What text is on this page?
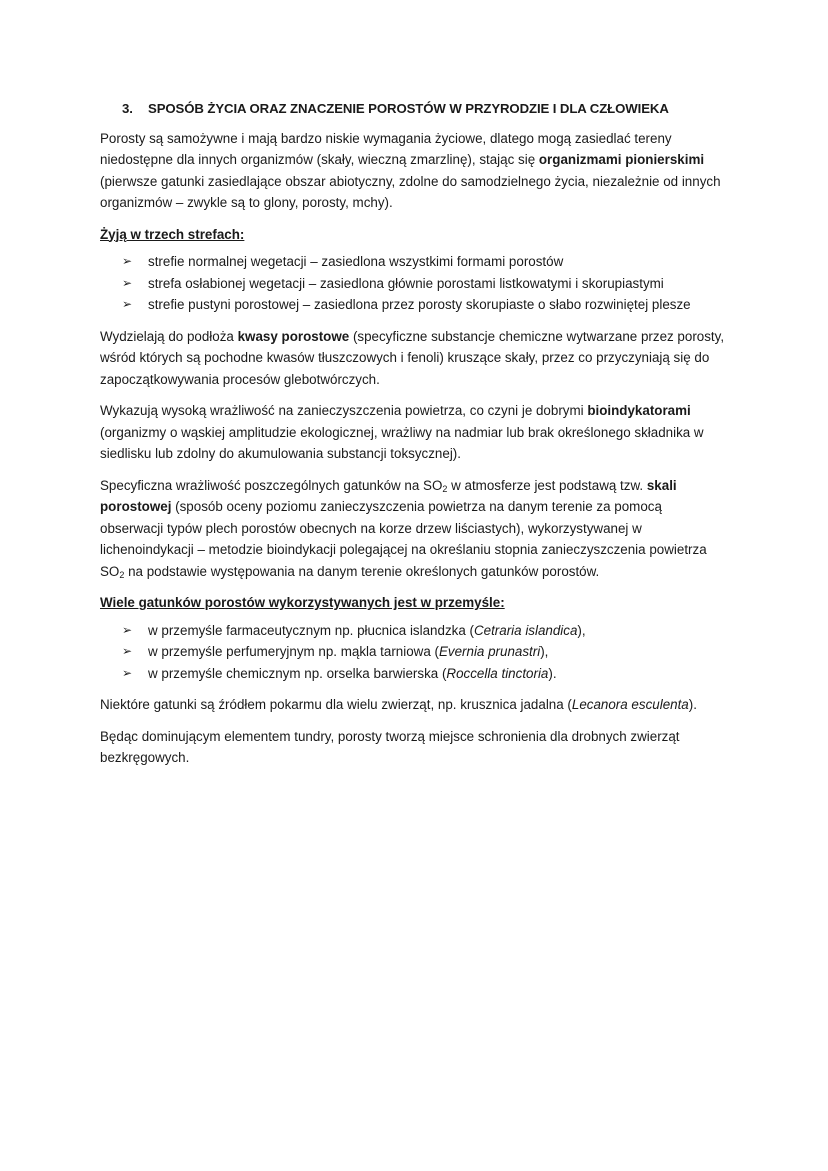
3. SPOSÓB ŻYCIA ORAZ ZNACZENIE POROSTÓW W PRZYRODZIE I DLA CZŁOWIEKA

Porosty są samożywne i mają bardzo niskie wymagania życiowe, dlatego mogą zasiedlać tereny niedostępne dla innych organizmów (skały, wieczną zmarzlinę), stając się organizmami pionierskimi (pierwsze gatunki zasiedlające obszar abiotyczny, zdolne do samodzielnego życia, niezależnie od innych organizmów – zwykle są to glony, porosty, mchy).

Żyją w trzech strefach:
➢ strefie normalnej wegetacji – zasiedlona wszystkimi formami porostów
➢ strefa osłabionej wegetacji – zasiedlona głównie porostami listkowatymi i skorupiastymi
➢ strefie pustyni porostowej – zasiedlona przez porosty skorupiaste o słabo rozwiniętej plesze

Wydzielają do podłoża kwasy porostowe (specyficzne substancje chemiczne wytwarzane przez porosty, wśród których są pochodne kwasów tłuszczowych i fenoli) kruszące skały, przez co przyczyniają się do zapoczątkowywania procesów glebotwórczych.

Wykazują wysoką wrażliwość na zanieczyszczenia powietrza, co czyni je dobrymi bioindykatorami (organizmy o wąskiej amplitudzie ekologicznej, wrażliwy na nadmiar lub brak określonego składnika w siedlisku lub zdolny do akumulowania substancji toksycznej).

Specyficzna wrażliwość poszczególnych gatunków na $SO_2$ w atmosferze jest podstawą tzw. skali porostowej (sposób oceny poziomu zanieczyszczenia powietrza na danym terenie za pomocą obserwacji typów plech porostów obecnych na korze drzew liściastych), wykorzystywanej w lichenoindykacji – metodzie bioindykacji polegającej na określaniu stopnia zanieczyszczenia powietrza $SO_2$ na podstawie występowania na danym terenie określonych gatunków porostów.

Wiele gatunków porostów wykorzystywanych jest w przemyśle:
➢ w przemyśle farmaceutycznym np. płucnica islandzka (Cetraria islandica),
➢ w przemyśle perfumeryjnym np. mąkla tarniowa (Evernia prunastri),
➢ w przemyśle chemicznym np. orselka barwierska (Roccella tinctoria).

Niektóre gatunki są źródłem pokarmu dla wielu zwierząt, np. krusznica jadalna (Lecanora esculenta).

Będąc dominującym elementem tundry, porosty tworzą miejsce schronienia dla drobnych zwierząt bezkręgowych.
